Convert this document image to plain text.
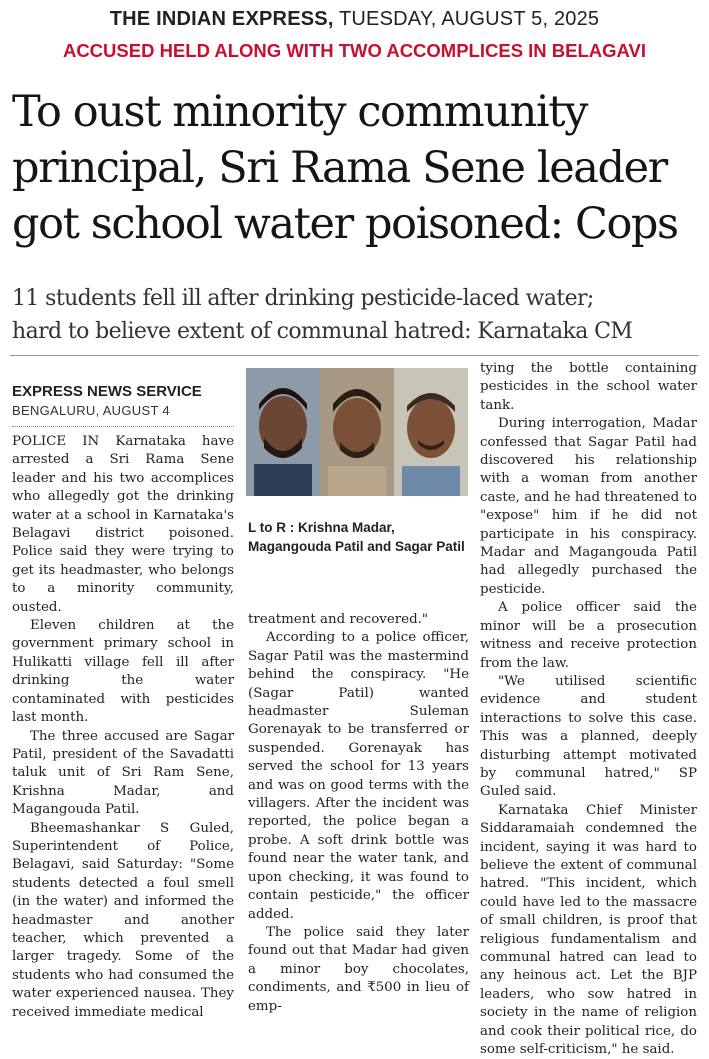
THE INDIAN EXPRESS, TUESDAY, AUGUST 5, 2025
ACCUSED HELD ALONG WITH TWO ACCOMPLICES IN BELAGAVI
To oust minority community
principal, Sri Rama Sene leader
got school water poisoned: Cops
11 students fell ill after drinking pesticide-laced water;
hard to believe extent of communal hatred: Karnataka CM
EXPRESS NEWS SERVICE
BENGALURU, AUGUST 4

POLICE IN Karnataka have arrested a Sri Rama Sene leader and his two accomplices who allegedly got the drinking water at a school in Karnataka's Belagavi district poisoned. Police said they were trying to get its headmaster, who belongs to a minority community, ousted.

Eleven children at the government primary school in Hulikatti village fell ill after drinking the water contaminated with pesticides last month.

The three accused are Sagar Patil, president of the Savadatti taluk unit of Sri Ram Sene, Krishna Madar, and Magangouda Patil.

Bheemashankar S Guled, Superintendent of Police, Belagavi, said Saturday: "Some students detected a foul smell (in the water) and informed the headmaster and another teacher, which prevented a larger tragedy. Some of the students who had consumed the water experienced nausea. They received immediate medical

L to R : Krishna Madar, Magangouda Patil and Sagar Patil

treatment and recovered."

According to a police officer, Sagar Patil was the mastermind behind the conspiracy. "He (Sagar Patil) wanted headmaster Suleman Gorenayak to be transferred or suspended. Gorenayak has served the school for 13 years and was on good terms with the villagers. After the incident was reported, the police began a probe. A soft drink bottle was found near the water tank, and upon checking, it was found to contain pesticide," the officer added.

The police said they later found out that Madar had given a minor boy chocolates, condiments, and ₹500 in lieu of emp-

tying the bottle containing pesticides in the school water tank.

During interrogation, Madar confessed that Sagar Patil had discovered his relationship with a woman from another caste, and he had threatened to "expose" him if he did not participate in his conspiracy. Madar and Magangouda Patil had allegedly purchased the pesticide.

A police officer said the minor will be a prosecution witness and receive protection from the law.

"We utilised scientific evidence and student interactions to solve this case. This was a planned, deeply disturbing attempt motivated by communal hatred," SP Guled said.

Karnataka Chief Minister Siddaramaiah condemned the incident, saying it was hard to believe the extent of communal hatred. "This incident, which could have led to the massacre of small children, is proof that religious fundamentalism and communal hatred can lead to any heinous act. Let the BJP leaders, who sow hatred in society in the name of religion and cook their political rice, do some self-criticism," he said.
